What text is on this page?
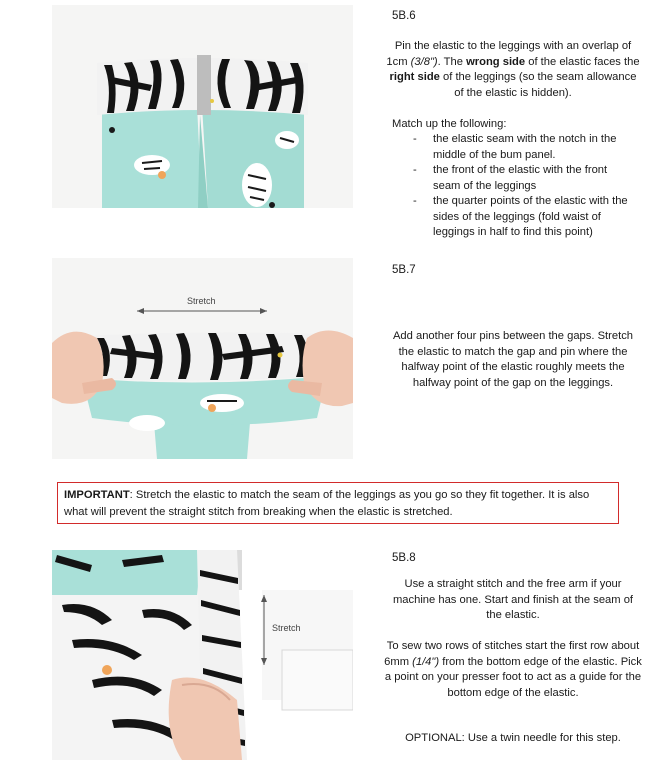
5B.6
Pin the elastic to the leggings with an overlap of 1cm (3/8"). The wrong side of the elastic faces the right side of the leggings (so the seam allowance of the elastic is hidden).
Match up the following:
- the elastic seam with the notch in the middle of the bum panel.
- the front of the elastic with the front seam of the leggings
- the quarter points of the elastic with the sides of the leggings (fold waist of leggings in half to find this point)
Stretch
5B.7
Add another four pins between the gaps. Stretch the elastic to match the gap and pin where the halfway point of the elastic roughly meets the halfway point of the gap on the leggings.
IMPORTANT: Stretch the elastic to match the seam of the leggings as you go so they fit together. It is also what will prevent the straight stitch from breaking when the elastic is stretched.
Stretch
5B.8
Use a straight stitch and the free arm if your machine has one. Start and finish at the seam of the elastic.
To sew two rows of stitches start the first row about 6mm (1/4") from the bottom edge of the elastic. Pick a point on your presser foot to act as a guide for the bottom edge of the elastic.
OPTIONAL: Use a twin needle for this step.
